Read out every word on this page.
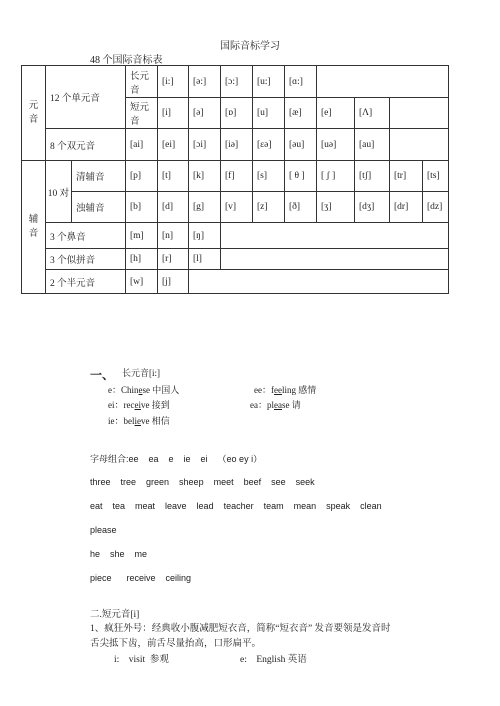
国际音标学习
48 个国际音标表
元
音	12 个单元音		长元音	[i:]	[ə:]	[ɔ:]	[u:]	[ɑ:]				
			短元音	[i]	[ə]	[ɒ]	[u]	[æ]	[e]	[Λ]		
	8 个双元音		[ai]	[ei]	[ɔi]	[iə]	[ɛə]	[əu]	[uə]	[au]		
辅
音	10 对	清辅音	[p]	[t]	[k]	[f]	[s]	[ θ ]	[ ʃ ]	[tʃ]	[tr]	[ts]
		浊辅音	[b]	[d]	[g]	[v]	[z]	[ð]	[ʒ]	[dʒ]	[dr]	[dz]
	3 个鼻音		[m]	[n]	[ŋ]							
	3 个似拼音		[h]	[r]	[l]							
	2 个半元音		[w]	[j]								
一、 长元音[i:]
e：Chinese 中国人	ee：feeling 感情
ei：receive 接到	ea：please 请
ie：believe 相信
字母组合:ee    ea    e    ie    ei    （eo ey i）
three    tree    green    sheep    meet    beef    see    seek
eat    tea    meat    leave    lead    teacher    team    mean    speak    clean
please
he    she    me
piece      receive    ceiling
二.短元音[i]
1、疯狂外号：经典收小腹减肥短衣音，简称“短衣音” 发音要领是发音时
舌尖抵下齿，前舌尽量抬高，口形扁平。
i:    visit  参观	e:    English 英语
